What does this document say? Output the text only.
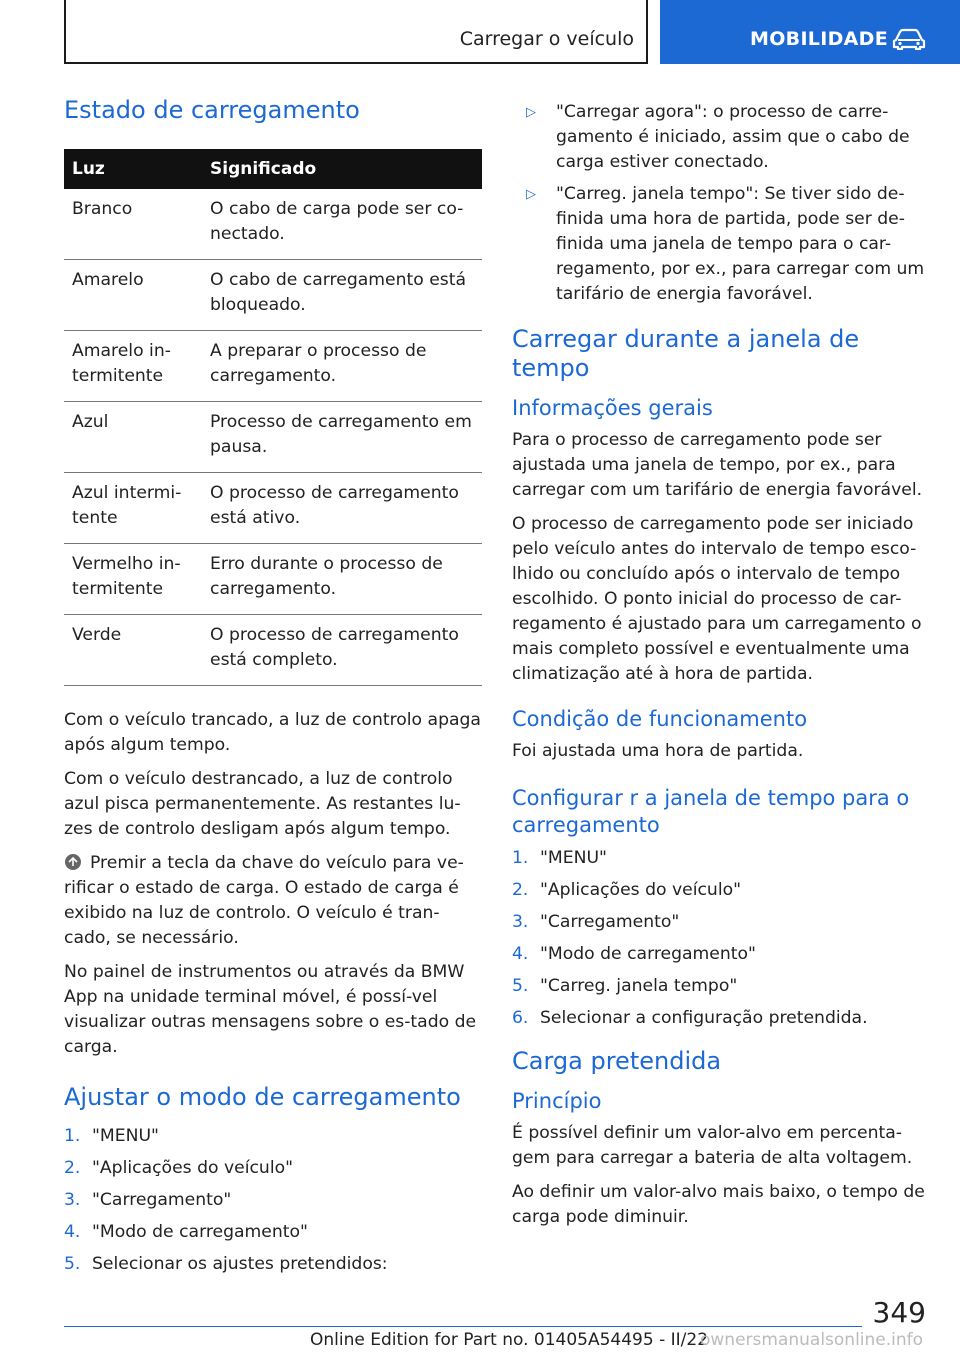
Carregar o veículo	MOBILIDADE
Estado de carregamento
Luz	Significado
Branco	O cabo de carga pode ser co-nectado.
Amarelo	O cabo de carregamento está bloqueado.
Amarelo in-termitente	A preparar o processo de carregamento.
Azul	Processo de carregamento em pausa.
Azul intermi-tente	O processo de carregamento está ativo.
Vermelho in-termitente	Erro durante o processo de carregamento.
Verde	O processo de carregamento está completo.

Com o veículo trancado, a luz de controlo apaga após algum tempo.

Com o veículo destrancado, a luz de controlo azul pisca permanentemente. As restantes lu-zes de controlo desligam após algum tempo.

Premir a tecla da chave do veículo para ve-rificar o estado de carga. O estado de carga é exibido na luz de controlo. O veículo é tran-cado, se necessário.

No painel de instrumentos ou através da BMW App na unidade terminal móvel, é possí-vel visualizar outras mensagens sobre o es-tado de carga.

Ajustar o modo de carregamento
1. "MENU"
2. "Aplicações do veículo"
3. "Carregamento"
4. "Modo de carregamento"
5. Selecionar os ajustes pretendidos:
▷	"Carregar agora": o processo de carre-gamento é iniciado, assim que o cabo de carga estiver conectado.
▷	"Carreg. janela tempo": Se tiver sido de-finida uma hora de partida, pode ser de-finida uma janela de tempo para o car-regamento, por ex., para carregar com um tarifário de energia favorável.
Carregar durante a janela de tempo
Informações gerais

Para o processo de carregamento pode ser ajustada uma janela de tempo, por ex., para carregar com um tarifário de energia favorável.

O processo de carregamento pode ser iniciado pelo veículo antes do intervalo de tempo esco-lhido ou concluído após o intervalo de tempo escolhido. O ponto inicial do processo de car-regamento é ajustado para um carregamento o mais completo possível e eventualmente uma climatização até à hora de partida.

Condição de funcionamento

Foi ajustada uma hora de partida.

Configurar r a janela de tempo para o carregamento
1. "MENU"
2. "Aplicações do veículo"
3. "Carregamento"
4. "Modo de carregamento"
5. "Carreg. janela tempo"
6. Selecionar a configuração pretendida.
Carga pretendida
Princípio

É possível definir um valor-alvo em percenta-gem para carregar a bateria de alta voltagem.

Ao definir um valor-alvo mais baixo, o tempo de carga pode diminuir.

349
Online Edition for Part no. 01405A54495 - II/22
ownersmanualsonline.info
